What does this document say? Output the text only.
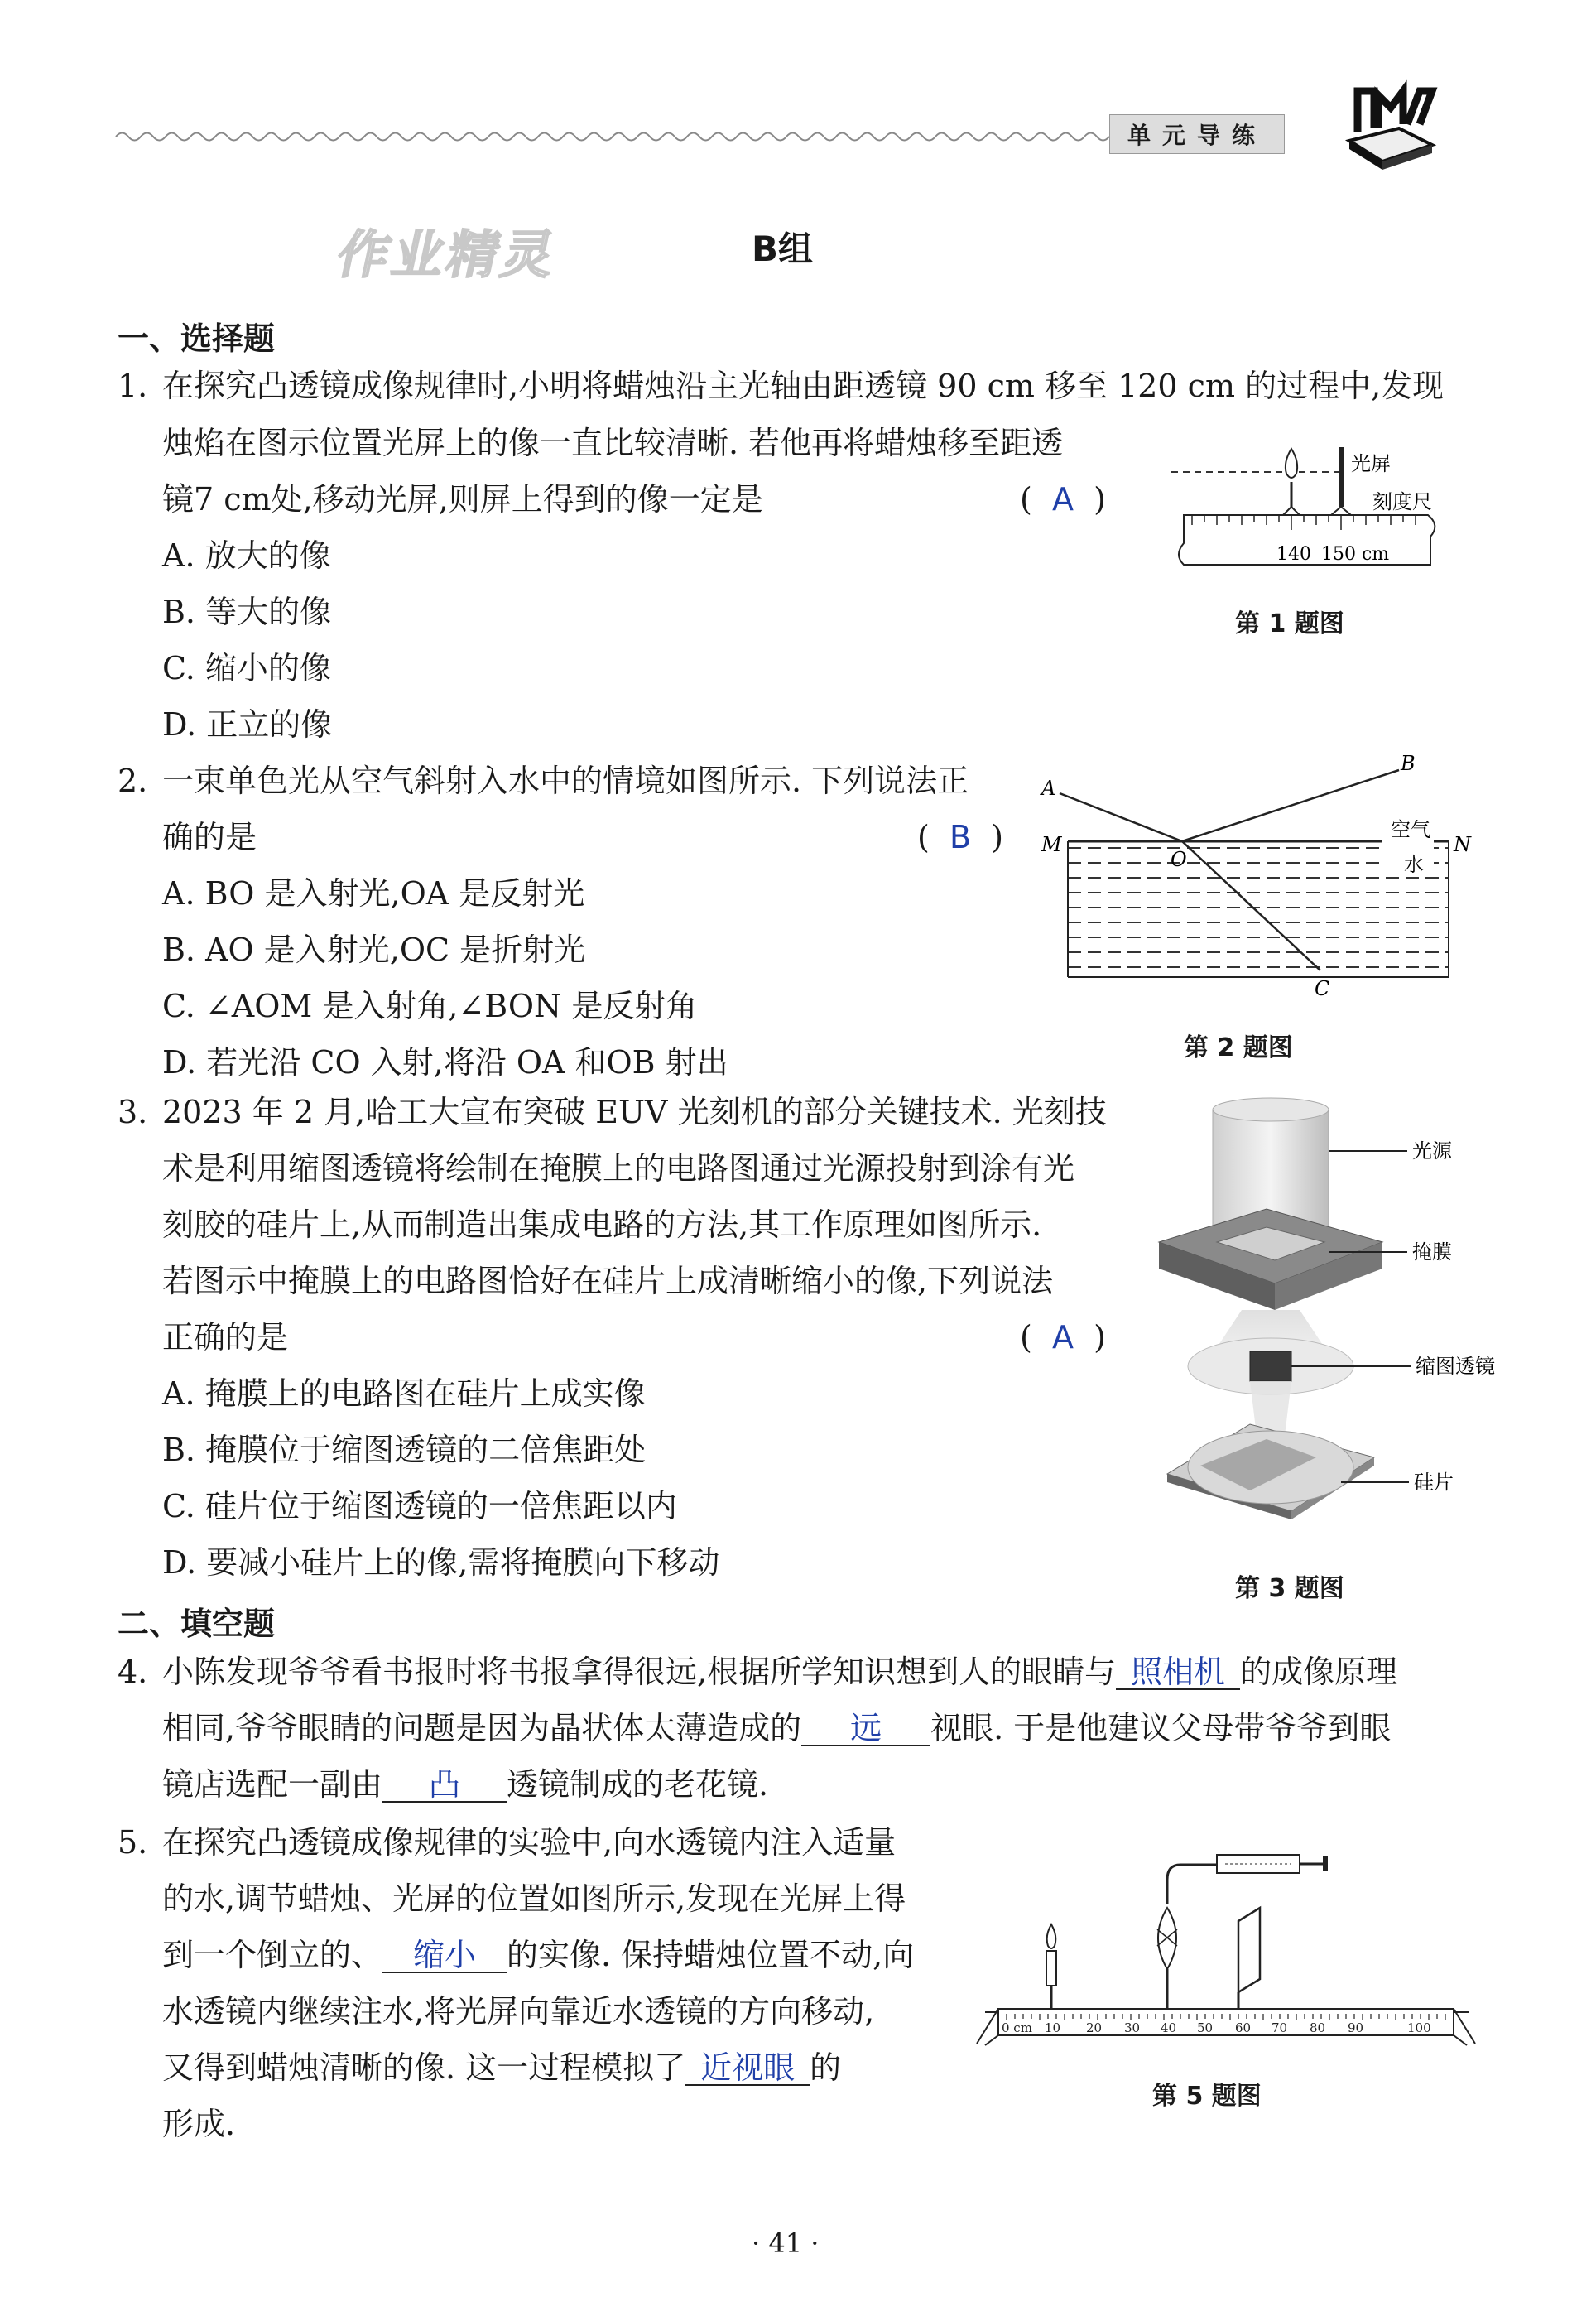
单元导练
作业精灵	B组
一、选择题
1. 在探究凸透镜成像规律时,小明将蜡烛沿主光轴由距透镜 90 cm 移至 120 cm 的过程中,发现
烛焰在图示位置光屏上的像一直比较清晰. 若他再将蜡烛移至距透
镜7 cm处,移动光屏,则屏上得到的像一定是	(  A  )
A. 放大的像
B. 等大的像
C. 缩小的像
D. 正立的像
140 150 cm
光屏
刻度尺
第 1 题图
2. 一束单色光从空气斜射入水中的情境如图所示. 下列说法正
确的是	(  B  )
A. BO 是入射光,OA 是反射光
B. AO 是入射光,OC 是折射光
C. ∠AOM 是入射角,∠BON 是反射角
D. 若光沿 CO 入射,将沿 OA 和OB 射出
A
B
M	N
O
C
空气
水
第 2 题图
3. 2023 年 2 月,哈工大宣布突破 EUV 光刻机的部分关键技术. 光刻技
术是利用缩图透镜将绘制在掩膜上的电路图通过光源投射到涂有光
刻胶的硅片上,从而制造出集成电路的方法,其工作原理如图所示.
若图示中掩膜上的电路图恰好在硅片上成清晰缩小的像,下列说法
正确的是	(  A  )
A. 掩膜上的电路图在硅片上成实像
B. 掩膜位于缩图透镜的二倍焦距处
C. 硅片位于缩图透镜的一倍焦距以内
D. 要减小硅片上的像,需将掩膜向下移动
光源
掩膜
缩图透镜
硅片
第 3 题图
二、填空题
4. 小陈发现爷爷看书报时将书报拿得很远,根据所学知识想到人的眼睛与 照相机 的成像原理
相同,爷爷眼睛的问题是因为晶状体太薄造成的 远 视眼. 于是他建议父母带爷爷到眼
镜店选配一副由 凸 透镜制成的老花镜.
5. 在探究凸透镜成像规律的实验中,向水透镜内注入适量
的水,调节蜡烛、光屏的位置如图所示,发现在光屏上得
到一个倒立的、 缩小 的实像. 保持蜡烛位置不动,向
水透镜内继续注水,将光屏向靠近水透镜的方向移动,
又得到蜡烛清晰的像. 这一过程模拟了 近视眼 的
形成.
0 cm 10 20 30 40 50 60 70 80 90	100
第 5 题图
· 41 ·
